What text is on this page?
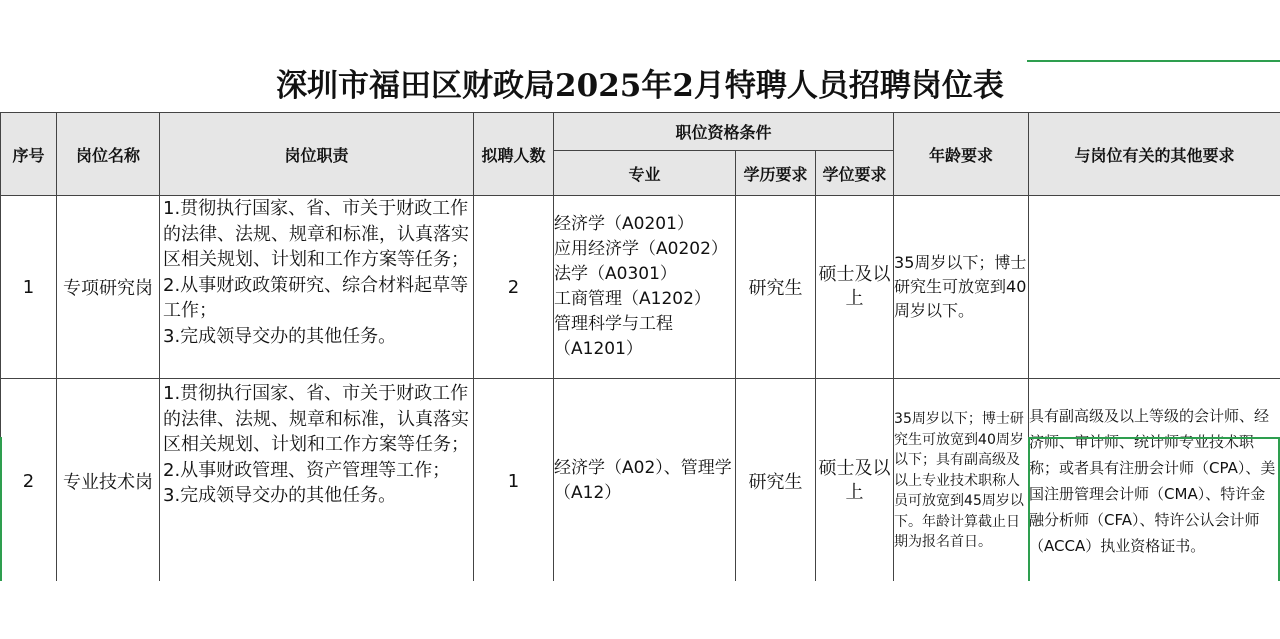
深圳市福田区财政局2025年2月特聘人员招聘岗位表
序号	岗位名称	岗位职责	拟聘人数	职位资格条件			年龄要求	与岗位有关的其他要求
				专业	学历要求	学位要求		
1	专项研究岗	1.贯彻执行国家、省、市关于财政工作的法律、法规、规章和标准，认真落实区相关规划、计划和工作方案等任务；
2.从事财政政策研究、综合材料起草等工作；
3.完成领导交办的其他任务。	2	经济学（A0201）
应用经济学（A0202）
法学（A0301）
工商管理（A1202）
管理科学与工程（A1201）	研究生	硕士及以上	35周岁以下；博士研究生可放宽到40周岁以下。	
2	专业技术岗	1.贯彻执行国家、省、市关于财政工作的法律、法规、规章和标准，认真落实区相关规划、计划和工作方案等任务；
2.从事财政管理、资产管理等工作；
3.完成领导交办的其他任务。	1	经济学（A02）、管理学（A12）	研究生	硕士及以上	35周岁以下；博士研究生可放宽到40周岁以下；具有副高级及以上专业技术职称人员可放宽到45周岁以下。年龄计算截止日期为报名首日。	具有副高级及以上等级的会计师、经济师、审计师、统计师专业技术职称；或者具有注册会计师（CPA）、美国注册管理会计师（CMA）、特许金融分析师（CFA）、特许公认会计师（ACCA）执业资格证书。
